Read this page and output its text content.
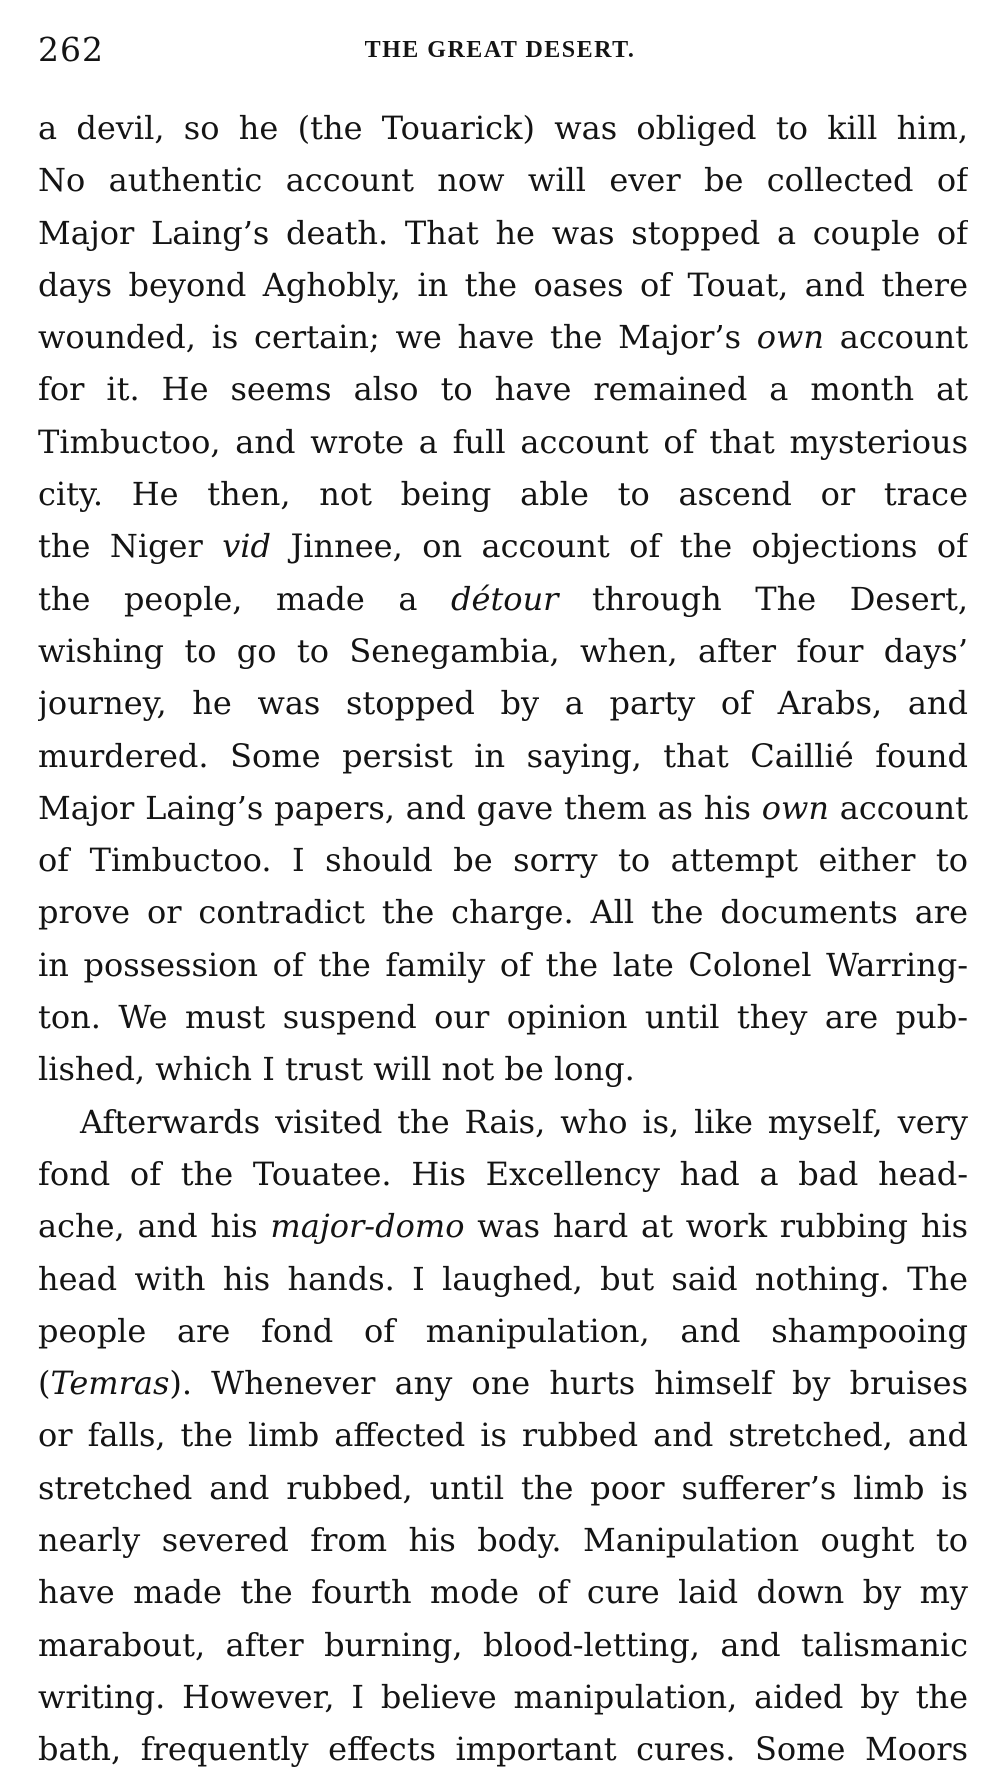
262	THE GREAT DESERT.
a devil, so he (the Touarick) was obliged to kill him,
No authentic account now will ever be collected of
Major Laing’s death. That he was stopped a couple of
days beyond Aghobly, in the oases of Touat, and there
wounded, is certain; we have the Major’s own account
for it. He seems also to have remained a month at
Timbuctoo, and wrote a full account of that mysterious
city. He then, not being able to ascend or trace
the Niger vid Jinnee, on account of the objections of
the people, made a détour through The Desert,
wishing to go to Senegambia, when, after four days’
journey, he was stopped by a party of Arabs, and
murdered. Some persist in saying, that Caillié found
Major Laing’s papers, and gave them as his own account
of Timbuctoo. I should be sorry to attempt either to
prove or contradict the charge. All the documents are
in possession of the family of the late Colonel Warring-
ton. We must suspend our opinion until they are pub-
lished, which I trust will not be long.
Afterwards visited the Rais, who is, like myself, very
fond of the Touatee. His Excellency had a bad head-
ache, and his major-domo was hard at work rubbing his
head with his hands. I laughed, but said nothing. The
people are fond of manipulation, and shampooing
(Temras). Whenever any one hurts himself by bruises
or falls, the limb affected is rubbed and stretched, and
stretched and rubbed, until the poor sufferer’s limb is
nearly severed from his body. Manipulation ought to
have made the fourth mode of cure laid down by my
marabout, after burning, blood-letting, and talismanic
writing. However, I believe manipulation, aided by the
bath, frequently effects important cures. Some Moors
